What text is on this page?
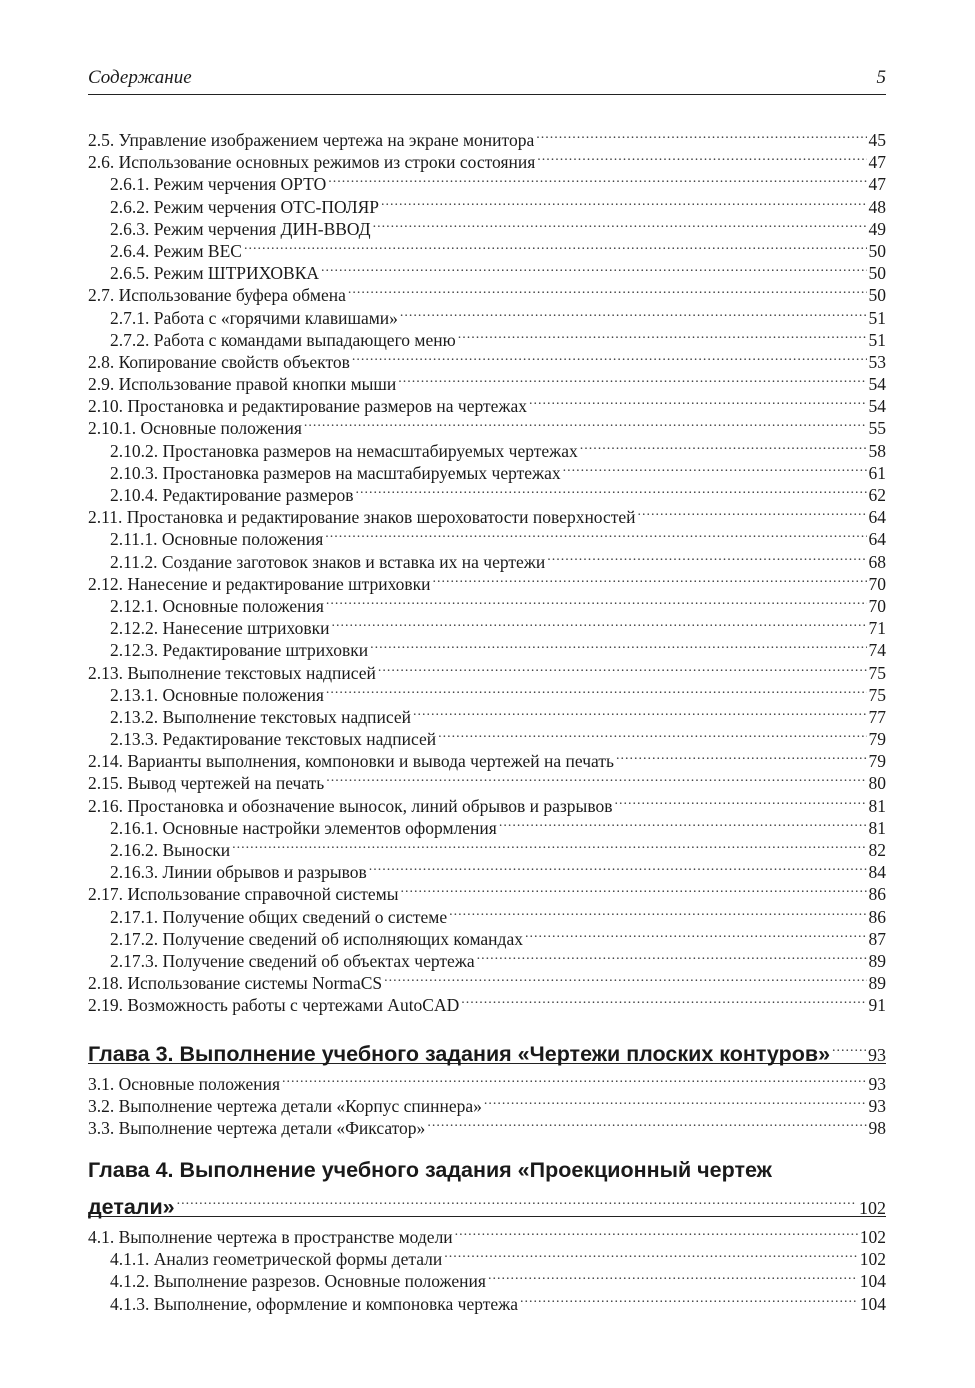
Содержание	5
2.5. Управление изображением чертежа на экране монитора .....	45
2.6. Использование основных режимов из строки состояния .....	47
2.6.1. Режим черчения ОРТО .....	47
2.6.2. Режим черчения ОТС-ПОЛЯР .....	48
2.6.3. Режим черчения ДИН-ВВОД .....	49
2.6.4. Режим ВЕС .....	50
2.6.5. Режим ШТРИХОВКА .....	50
2.7. Использование буфера обмена .....	50
2.7.1. Работа с «горячими клавишами» .....	51
2.7.2. Работа с командами выпадающего меню .....	51
2.8. Копирование свойств объектов .....	53
2.9. Использование правой кнопки мыши .....	54
2.10. Простановка и редактирование размеров на чертежах .....	54
2.10.1. Основные положения .....	55
2.10.2. Простановка размеров на немасштабируемых чертежах .....	58
2.10.3. Простановка размеров на масштабируемых чертежах .....	61
2.10.4. Редактирование размеров .....	62
2.11. Простановка и редактирование знаков шероховатости поверхностей .....	64
2.11.1. Основные положения .....	64
2.11.2. Создание заготовок знаков и вставка их на чертежи .....	68
2.12. Нанесение и редактирование штриховки .....	70
2.12.1. Основные положения .....	70
2.12.2. Нанесение штриховки .....	71
2.12.3. Редактирование штриховки .....	74
2.13. Выполнение текстовых надписей .....	75
2.13.1. Основные положения .....	75
2.13.2. Выполнение текстовых надписей .....	77
2.13.3. Редактирование текстовых надписей .....	79
2.14. Варианты выполнения, компоновки и вывода чертежей на печать .....	79
2.15. Вывод чертежей на печать .....	80
2.16. Простановка и обозначение выносок, линий обрывов и разрывов .....	81
2.16.1. Основные настройки элементов оформления .....	81
2.16.2. Выноски .....	82
2.16.3. Линии обрывов и разрывов .....	84
2.17. Использование справочной системы .....	86
2.17.1. Получение общих сведений о системе .....	86
2.17.2. Получение сведений об исполняющих командах .....	87
2.17.3. Получение сведений об объектах чертежа .....	89
2.18. Использование системы NormaCS .....	89
2.19. Возможность работы с чертежами AutoCAD .....	91
Глава 3. Выполнение учебного задания «Чертежи плоских контуров» ..... 93
3.1. Основные положения .....	93
3.2. Выполнение чертежа детали «Корпус спиннера» .....	93
3.3. Выполнение чертежа детали «Фиксатор» .....	98
Глава 4. Выполнение учебного задания «Проекционный чертеж
детали» .....	102
4.1. Выполнение чертежа в пространстве модели .....	102
4.1.1. Анализ геометрической формы детали .....	102
4.1.2. Выполнение разрезов. Основные положения .....	104
4.1.3. Выполнение, оформление и компоновка чертежа .....	104
